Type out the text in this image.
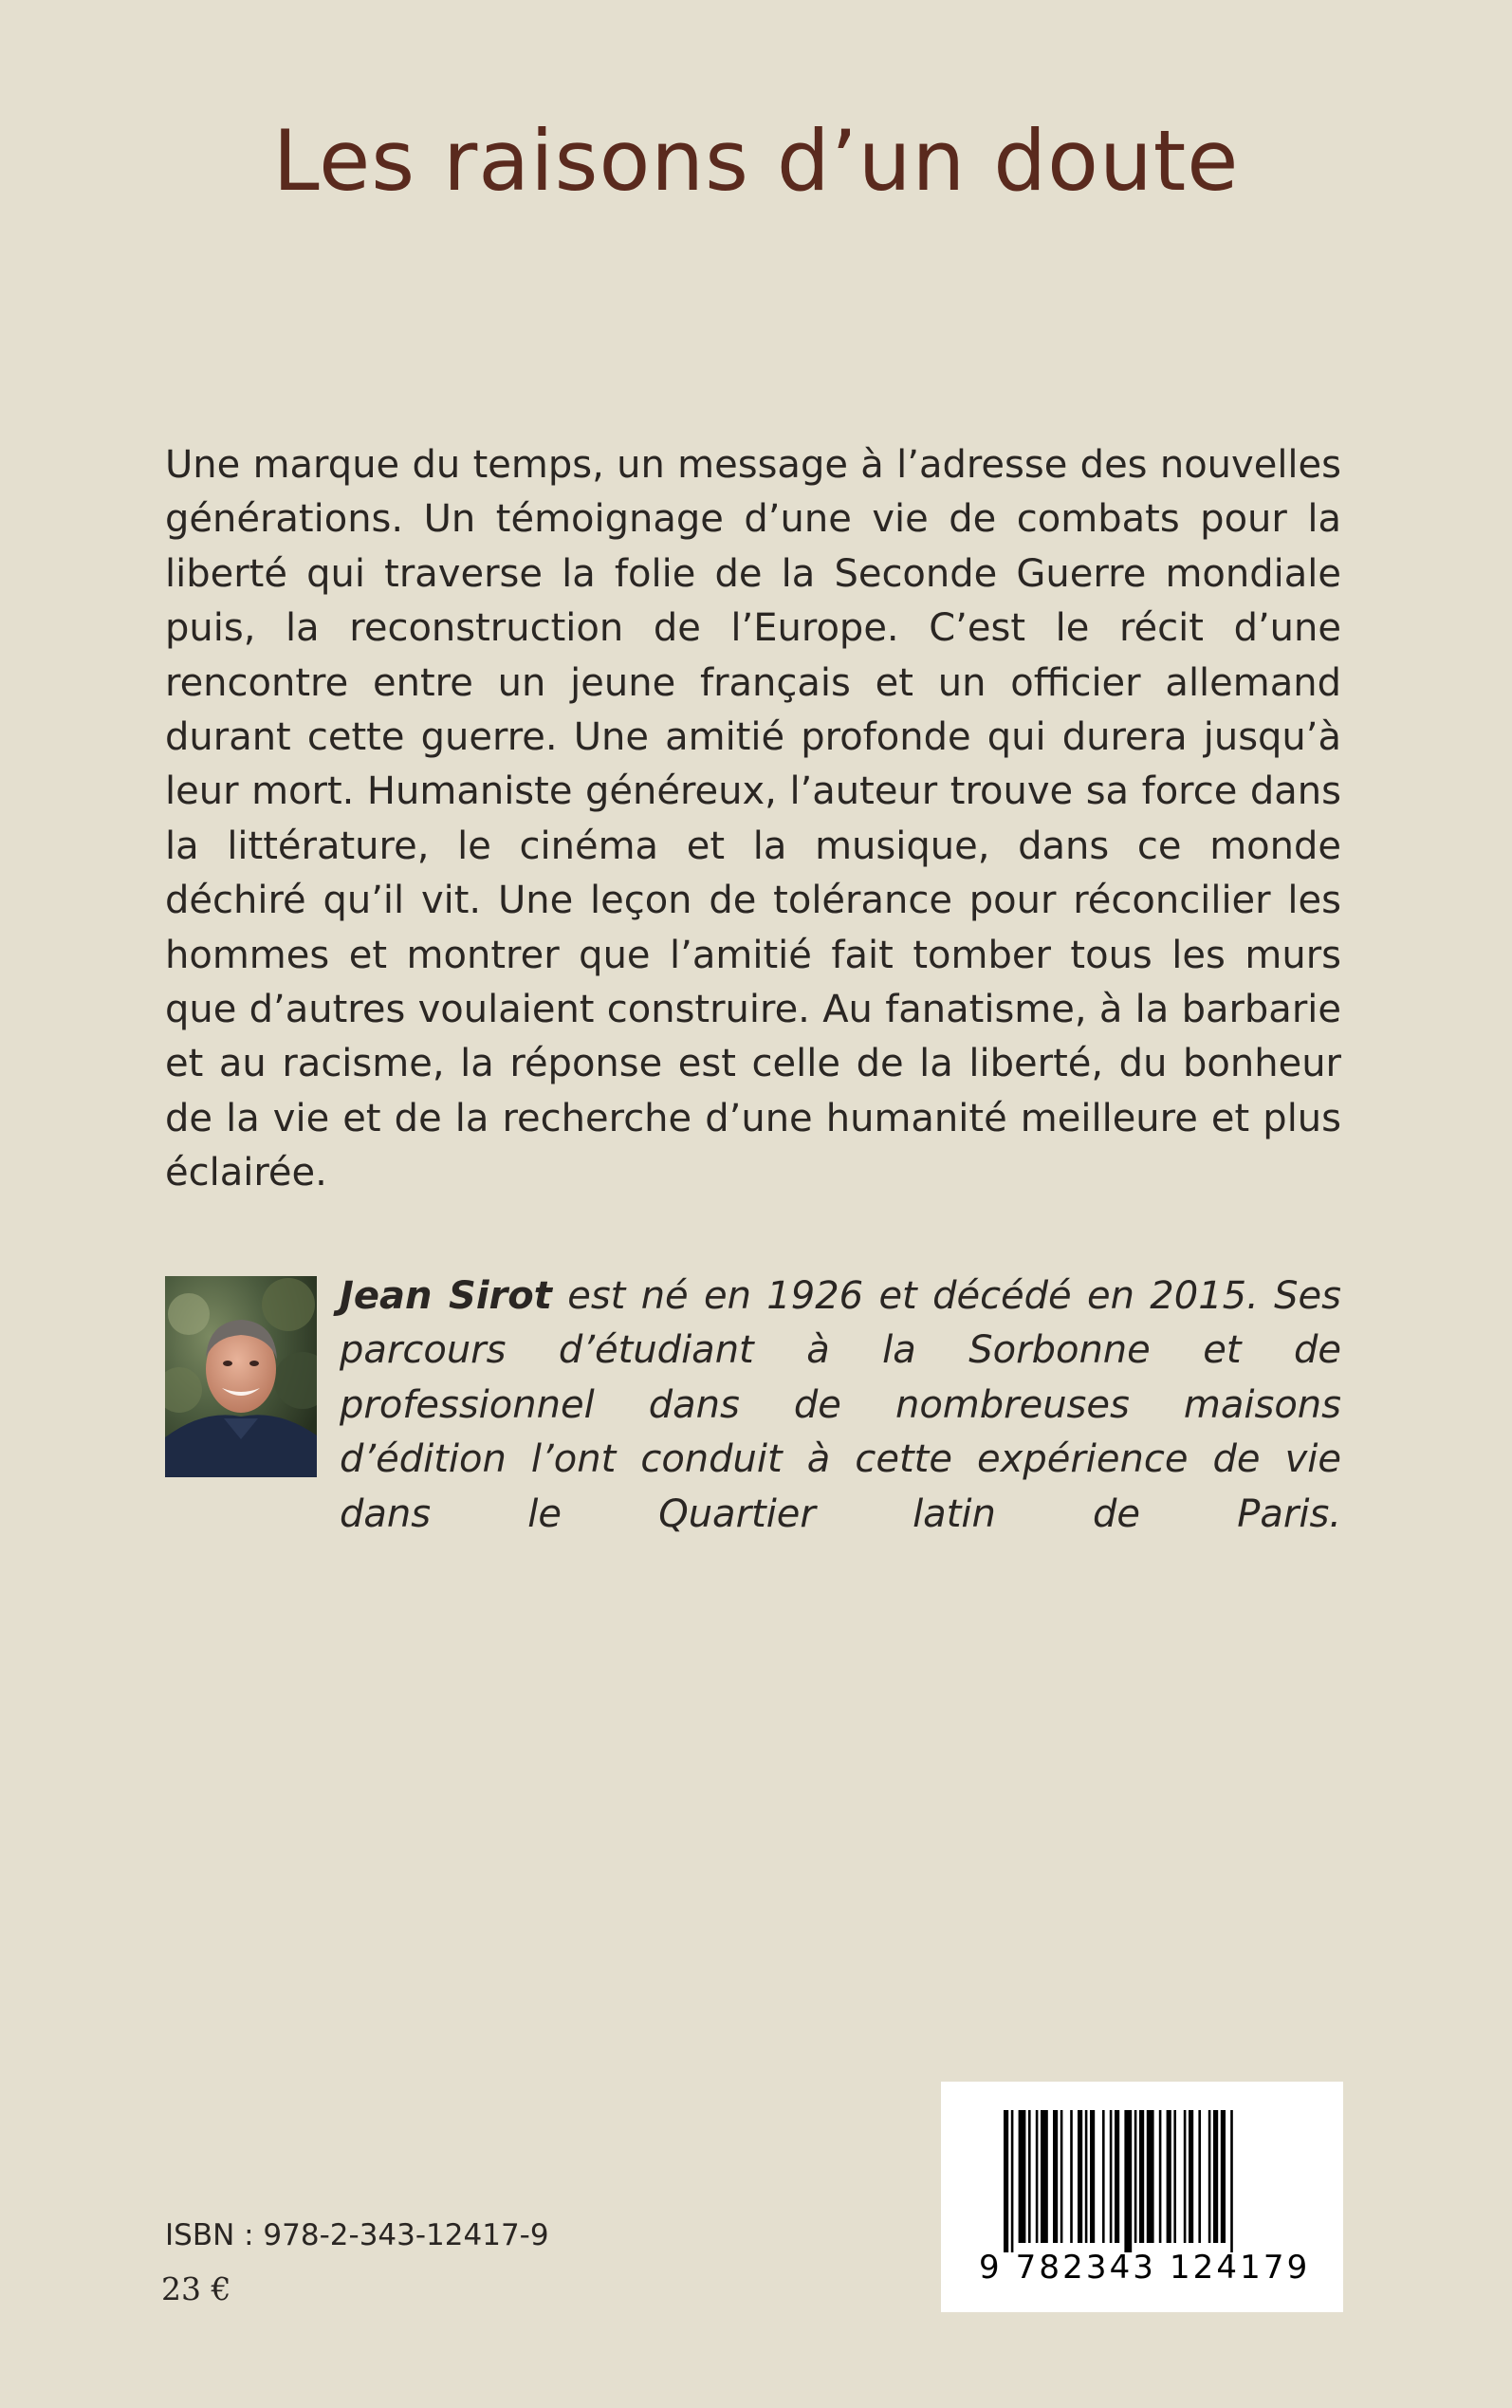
Les raisons d’un doute

Une marque du temps, un message à l’adresse des nouvelles générations. Un témoignage d’une vie de combats pour la liberté qui traverse la folie de la Seconde Guerre mondiale puis, la reconstruction de l’Europe. C’est le récit d’une rencontre entre un jeune français et un officier allemand durant cette guerre. Une amitié profonde qui durera jusqu’à leur mort. Humaniste généreux, l’auteur trouve sa force dans la littérature, le cinéma et la musique, dans ce monde déchiré qu’il vit. Une leçon de tolérance pour réconcilier les hommes et montrer que l’amitié fait tomber tous les murs que d’autres voulaient construire. Au fanatisme, à la barbarie et au racisme, la réponse est celle de la liberté, du bonheur de la vie et de la recherche d’une humanité meilleure et plus éclairée.

Jean Sirot est né en 1926 et décédé en 2015. Ses parcours d’étudiant à la Sorbonne et de professionnel dans de nombreuses maisons d’édition l’ont conduit à cette expérience de vie dans le Quartier latin de Paris.

ISBN : 978-2-343-12417-9
23 €
9 782343 124179
